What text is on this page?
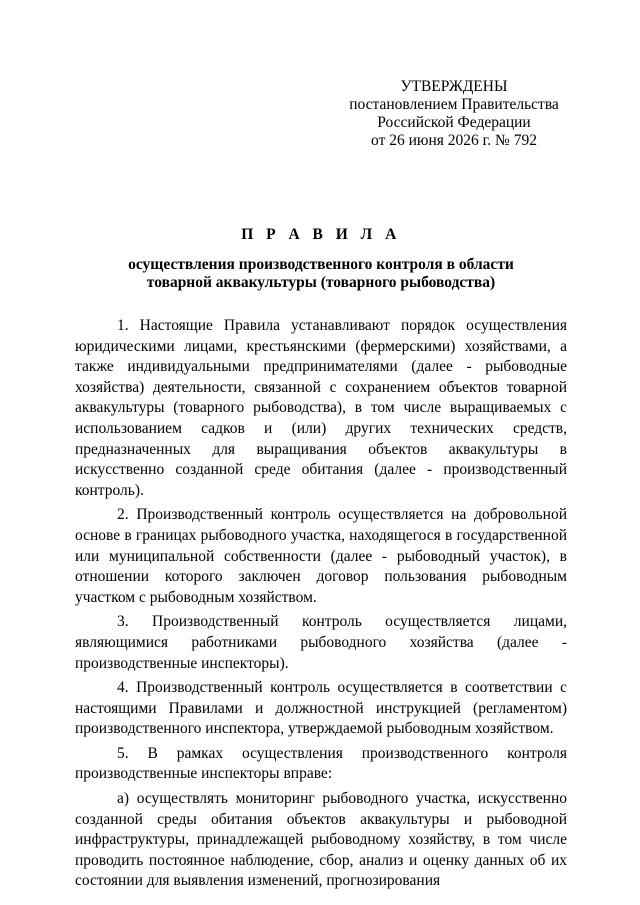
УТВЕРЖДЕНЫ
постановлением Правительства
Российской Федерации
от 26 июня 2026 г. № 792
П Р А В И Л А
осуществления производственного контроля в области
товарной аквакультуры (товарного рыбоводства)

1. Настоящие Правила устанавливают порядок осуществления юридическими лицами, крестьянскими (фермерскими) хозяйствами, а также индивидуальными предпринимателями (далее - рыбоводные хозяйства) деятельности, связанной с сохранением объектов товарной аквакультуры (товарного рыбоводства), в том числе выращиваемых с использованием садков и (или) других технических средств, предназначенных для выращивания объектов аквакультуры в искусственно созданной среде обитания (далее - производственный контроль).

2. Производственный контроль осуществляется на добровольной основе в границах рыбоводного участка, находящегося в государственной или муниципальной собственности (далее - рыбоводный участок), в отношении которого заключен договор пользования рыбоводным участком с рыбоводным хозяйством.

3. Производственный контроль осуществляется лицами, являющимися работниками рыбоводного хозяйства (далее - производственные инспекторы).

4. Производственный контроль осуществляется в соответствии с настоящими Правилами и должностной инструкцией (регламентом) производственного инспектора, утверждаемой рыбоводным хозяйством.

5. В рамках осуществления производственного контроля производственные инспекторы вправе:

а) осуществлять мониторинг рыбоводного участка, искусственно созданной среды обитания объектов аквакультуры и рыбоводной инфраструктуры, принадлежащей рыбоводному хозяйству, в том числе проводить постоянное наблюдение, сбор, анализ и оценку данных об их состоянии для выявления изменений, прогнозирования
